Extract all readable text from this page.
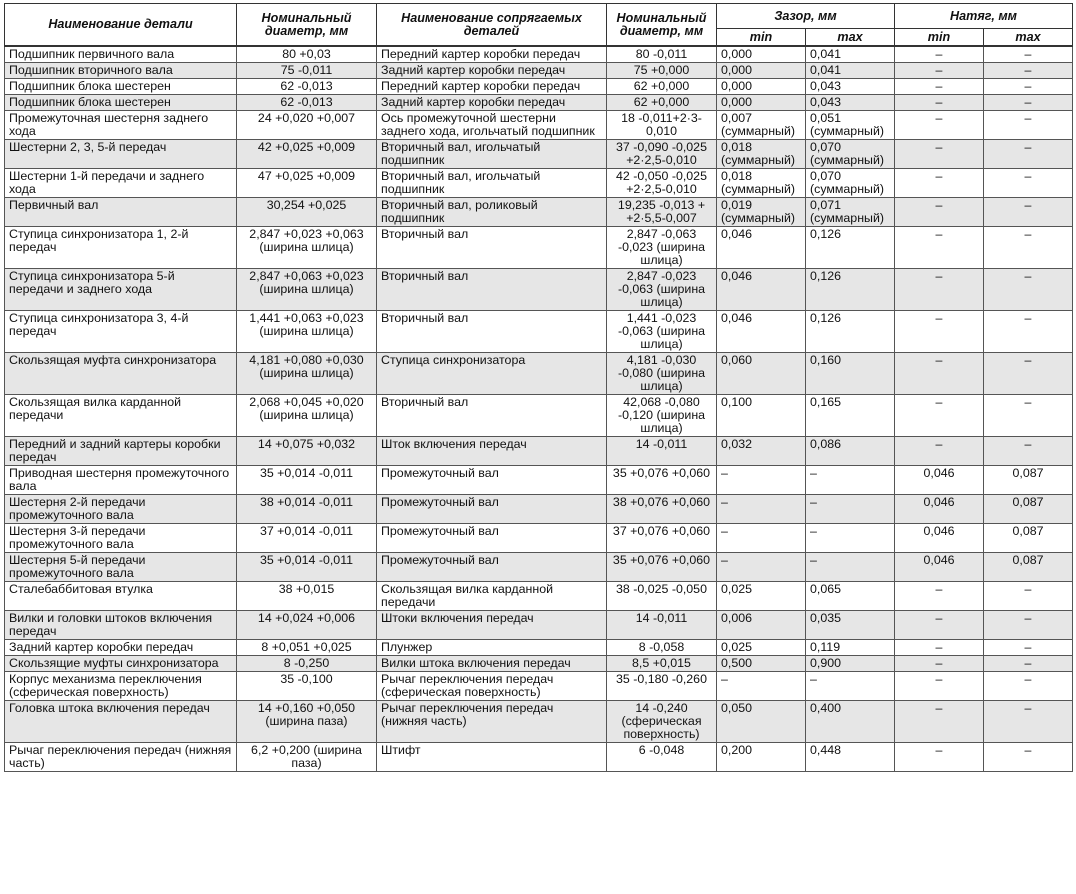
Наименование детали	Номинальный диаметр, мм	Наименование сопрягаемых деталей	Номинальный диаметр, мм	Зазор, мм		Натяг, мм	
				min	max	min	max
Подшипник первичного вала	80 +0,03	Передний картер коробки передач	80 -0,011	0,000	0,041	–	–
Подшипник вторичного вала	75 -0,011	Задний картер коробки передач	75 +0,000	0,000	0,041	–	–
Подшипник блока шестерен	62 -0,013	Передний картер коробки передач	62 +0,000	0,000	0,043	–	–
Подшипник блока шестерен	62 -0,013	Задний картер коробки передач	62 +0,000	0,000	0,043	–	–
Промежуточная шестерня заднего хода	24 +0,020 +0,007	Ось промежуточной шестерни заднего хода, игольчатый подшипник	18 -0,011+2·3-0,010	0,007 (суммарный)	0,051 (суммарный)	–	–
Шестерни 2, 3, 5-й передач	42 +0,025 +0,009	Вторичный вал, игольчатый подшипник	37 -0,090 -0,025 +2·2,5-0,010	0,018 (суммарный)	0,070 (суммарный)	–	–
Шестерни 1-й передачи и заднего хода	47 +0,025 +0,009	Вторичный вал, игольчатый подшипник	42 -0,050 -0,025 +2·2,5-0,010	0,018 (суммарный)	0,070 (суммарный)	–	–
Первичный вал	30,254 +0,025	Вторичный вал, роликовый подшипник	19,235 -0,013 + +2·5,5-0,007	0,019 (суммарный)	0,071 (суммарный)	–	–
Ступица синхронизатора 1, 2-й передач	2,847 +0,023 +0,063 (ширина шлица)	Вторичный вал	2,847 -0,063 -0,023 (ширина шлица)	0,046	0,126	–	–
Ступица синхронизатора 5-й передачи и заднего хода	2,847 +0,063 +0,023 (ширина шлица)	Вторичный вал	2,847 -0,023 -0,063 (ширина шлица)	0,046	0,126	–	–
Ступица синхронизатора 3, 4-й передач	1,441 +0,063 +0,023 (ширина шлица)	Вторичный вал	1,441 -0,023 -0,063 (ширина шлица)	0,046	0,126	–	–
Скользящая муфта синхронизатора	4,181 +0,080 +0,030 (ширина шлица)	Ступица синхронизатора	4,181 -0,030 -0,080 (ширина шлица)	0,060	0,160	–	–
Скользящая вилка карданной передачи	2,068 +0,045 +0,020 (ширина шлица)	Вторичный вал	42,068 -0,080 -0,120 (ширина шлица)	0,100	0,165	–	–
Передний и задний картеры коробки передач	14 +0,075 +0,032	Шток включения передач	14 -0,011	0,032	0,086	–	–
Приводная шестерня промежуточного вала	35 +0,014 -0,011	Промежуточный вал	35 +0,076 +0,060	–	–	0,046	0,087
Шестерня 2-й передачи промежуточного вала	38 +0,014 -0,011	Промежуточный вал	38 +0,076 +0,060	–	–	0,046	0,087
Шестерня 3-й передачи промежуточного вала	37 +0,014 -0,011	Промежуточный вал	37 +0,076 +0,060	–	–	0,046	0,087
Шестерня 5-й передачи промежуточного вала	35 +0,014 -0,011	Промежуточный вал	35 +0,076 +0,060	–	–	0,046	0,087
Сталебаббитовая втулка	38 +0,015	Скользящая вилка карданной передачи	38 -0,025 -0,050	0,025	0,065	–	–
Вилки и головки штоков включения передач	14 +0,024 +0,006	Штоки включения передач	14 -0,011	0,006	0,035	–	–
Задний картер коробки передач	8 +0,051 +0,025	Плунжер	8 -0,058	0,025	0,119	–	–
Скользящие муфты синхронизатора	8 -0,250	Вилки штока включения передач	8,5 +0,015	0,500	0,900	–	–
Корпус механизма переключения (сферическая поверхность)	35 -0,100	Рычаг переключения передач (сферическая поверхность)	35 -0,180 -0,260	–	–	–	–
Головка штока включения передач	14 +0,160 +0,050 (ширина паза)	Рычаг переключения передач (нижняя часть)	14 -0,240 (сферическая поверхность)	0,050	0,400	–	–
Рычаг переключения передач (нижняя часть)	6,2 +0,200 (ширина паза)	Штифт	6 -0,048	0,200	0,448	–	–
